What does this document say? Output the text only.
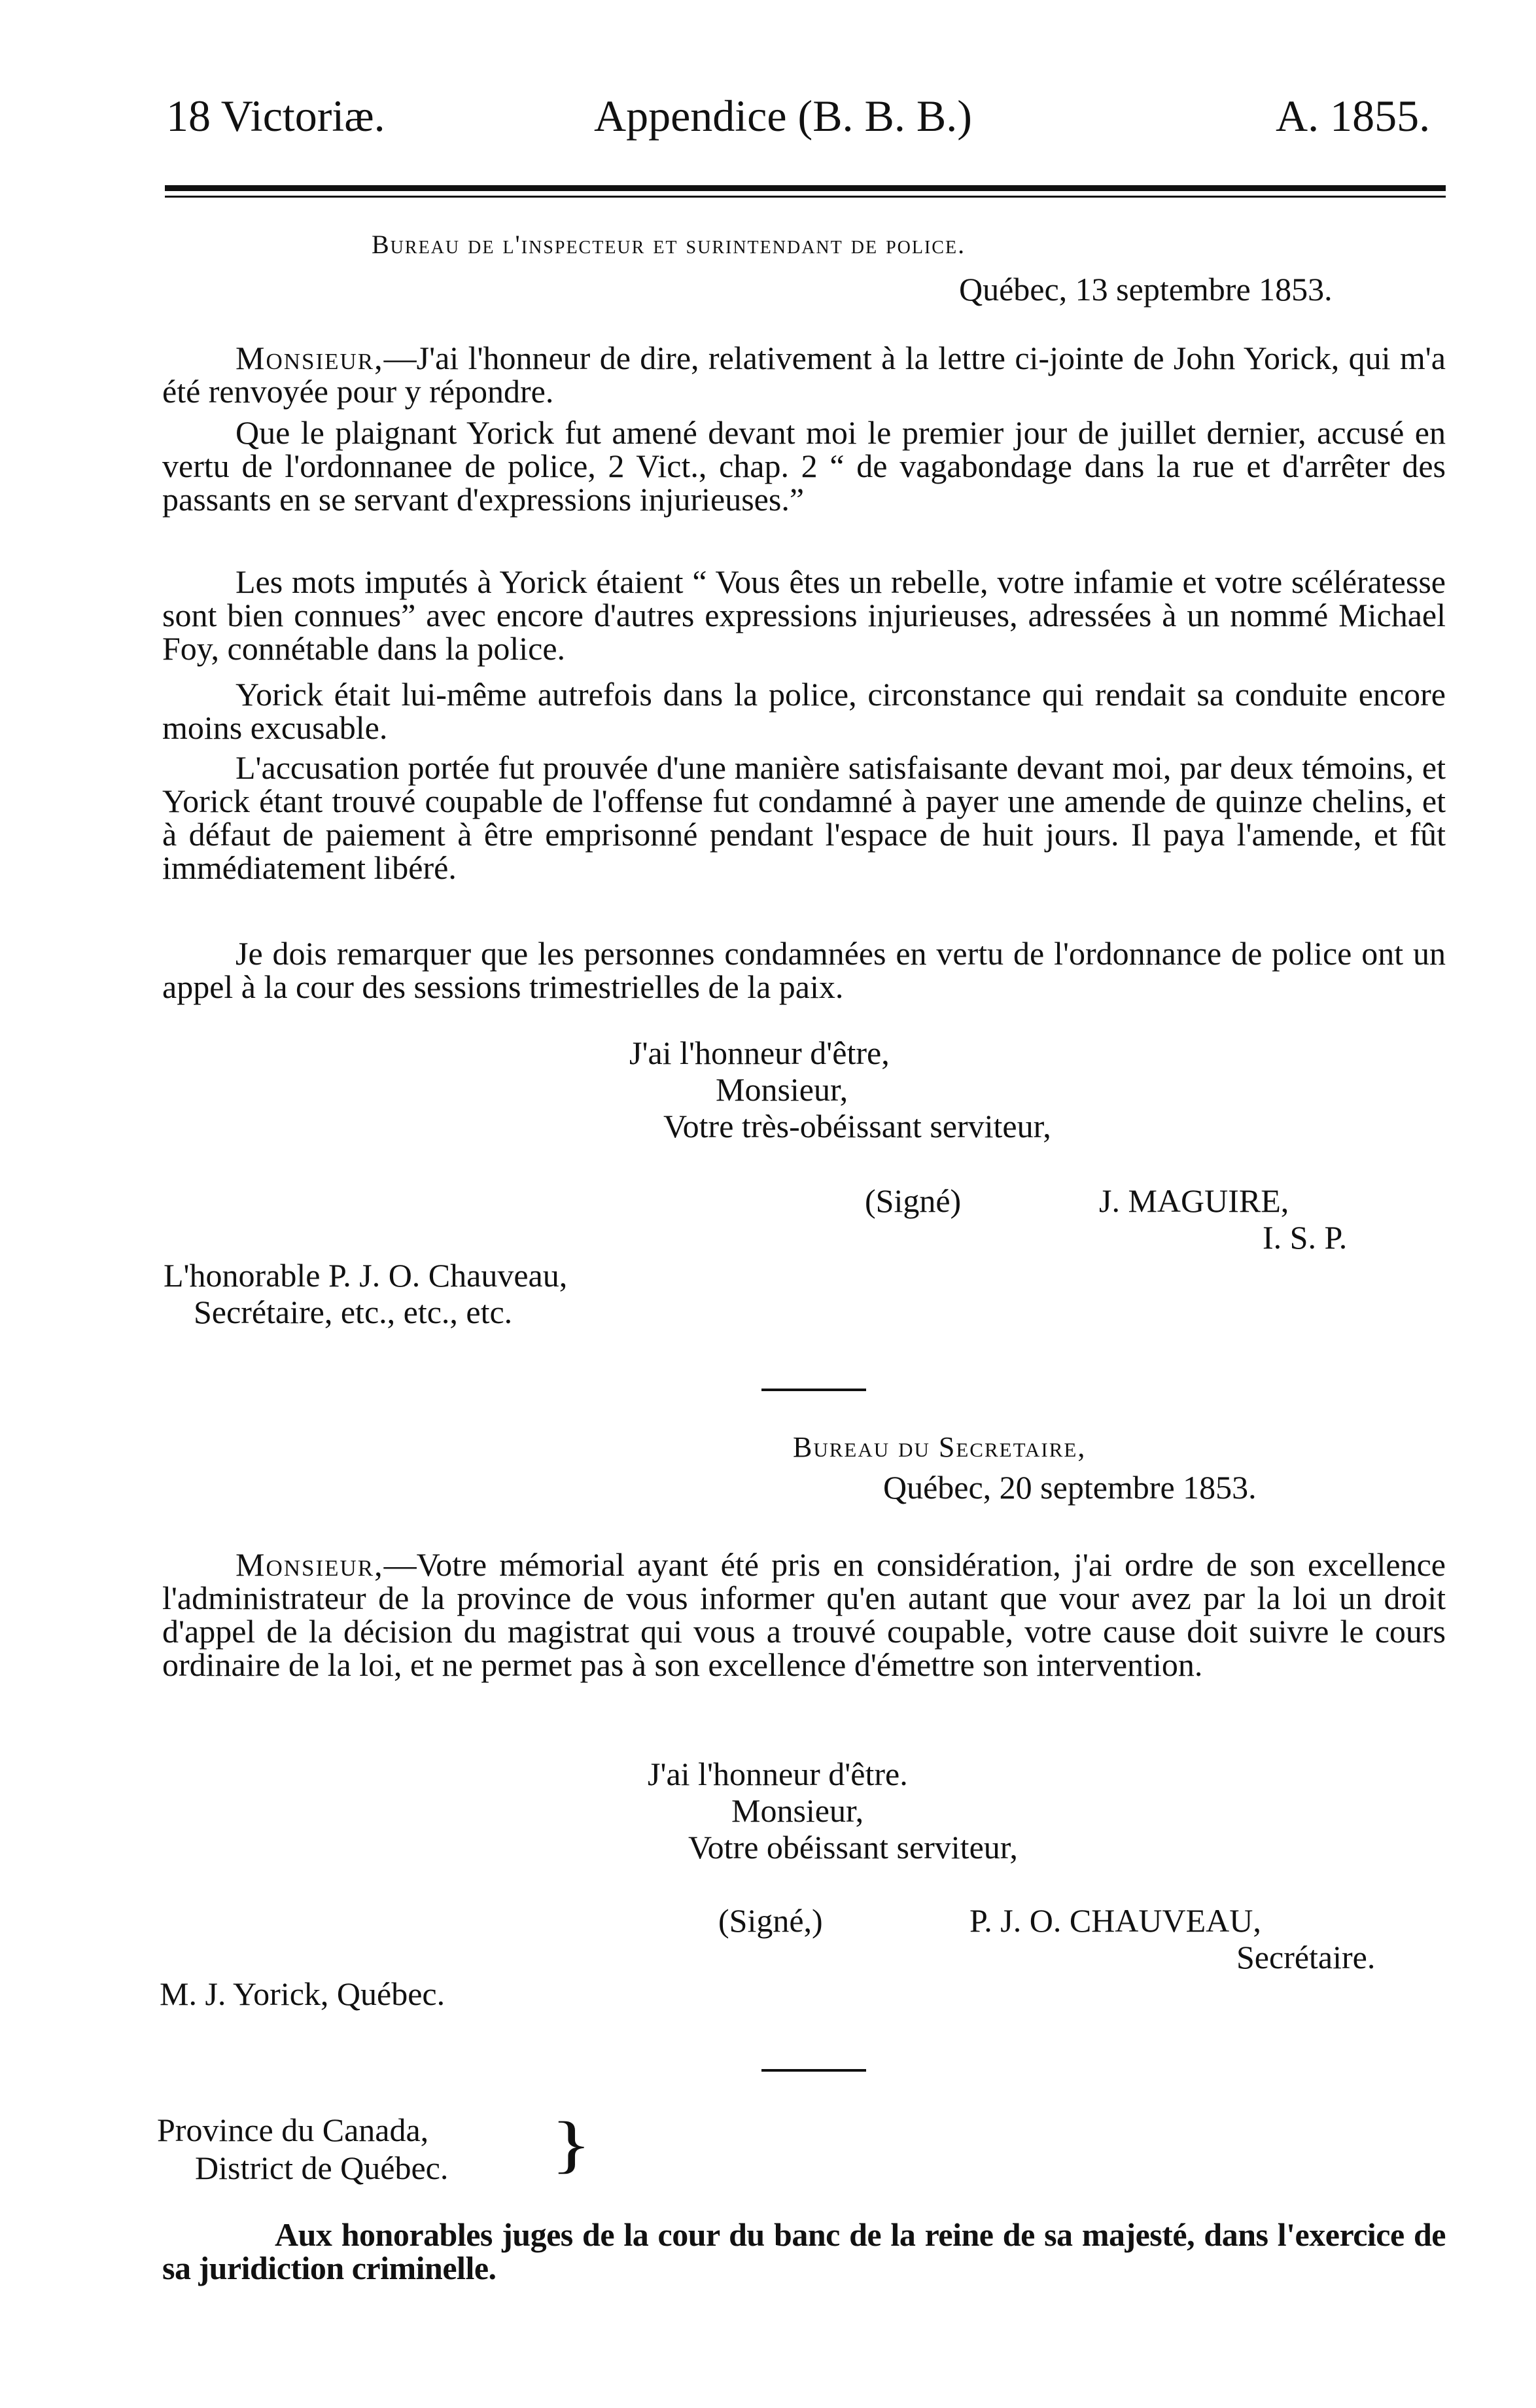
18 Victoriæ.	Appendice (B. B. B.)	A. 1855.
Bureau de l'inspecteur et surintendant de police.
Québec, 13 septembre 1853.
Monsieur,—J'ai l'honneur de dire, relativement à la lettre ci-jointe de John Yorick, qui m'a été renvoyée pour y répondre.
Que le plaignant Yorick fut amené devant moi le premier jour de juillet dernier, accusé en vertu de l'ordonnanee de police, 2 Vict., chap. 2 “ de vagabondage dans la rue et d'arrêter des passants en se servant d'expressions injurieuses.”
Les mots imputés à Yorick étaient “ Vous êtes un rebelle, votre infamie et votre scélératesse sont bien connues” avec encore d'autres expressions injurieuses, adressées à un nommé Michael Foy, connétable dans la police.
Yorick était lui-même autrefois dans la police, circonstance qui rendait sa conduite encore moins excusable.
L'accusation portée fut prouvée d'une manière satisfaisante devant moi, par deux témoins, et Yorick étant trouvé coupable de l'offense fut condamné à payer une amende de quinze chelins, et à défaut de paiement à être emprisonné pendant l'espace de huit jours. Il paya l'amende, et fût immédiatement libéré.
Je dois remarquer que les personnes condamnées en vertu de l'ordonnance de police ont un appel à la cour des sessions trimestrielles de la paix.
J'ai l'honneur d'être,
Monsieur,
Votre très-obéissant serviteur,
(Signé)	J. MAGUIRE,
I. S. P.
L'honorable P. J. O. Chauveau,
Secrétaire, etc., etc., etc.
Bureau du Secretaire,
Québec, 20 septembre 1853.
Monsieur,—Votre mémorial ayant été pris en considération, j'ai ordre de son excellence l'administrateur de la province de vous informer qu'en autant que vour avez par la loi un droit d'appel de la décision du magistrat qui vous a trouvé coupable, votre cause doit suivre le cours ordinaire de la loi, et ne permet pas à son excellence d'émettre son intervention.
J'ai l'honneur d'être.
Monsieur,
Votre obéissant serviteur,
(Signé,)	P. J. O. CHAUVEAU,
Secrétaire.
M. J. Yorick, Québec.
Province du Canada,
District de Québec. }
Aux honorables juges de la cour du banc de la reine de sa majesté, dans l'exercice de sa juridiction criminelle.
